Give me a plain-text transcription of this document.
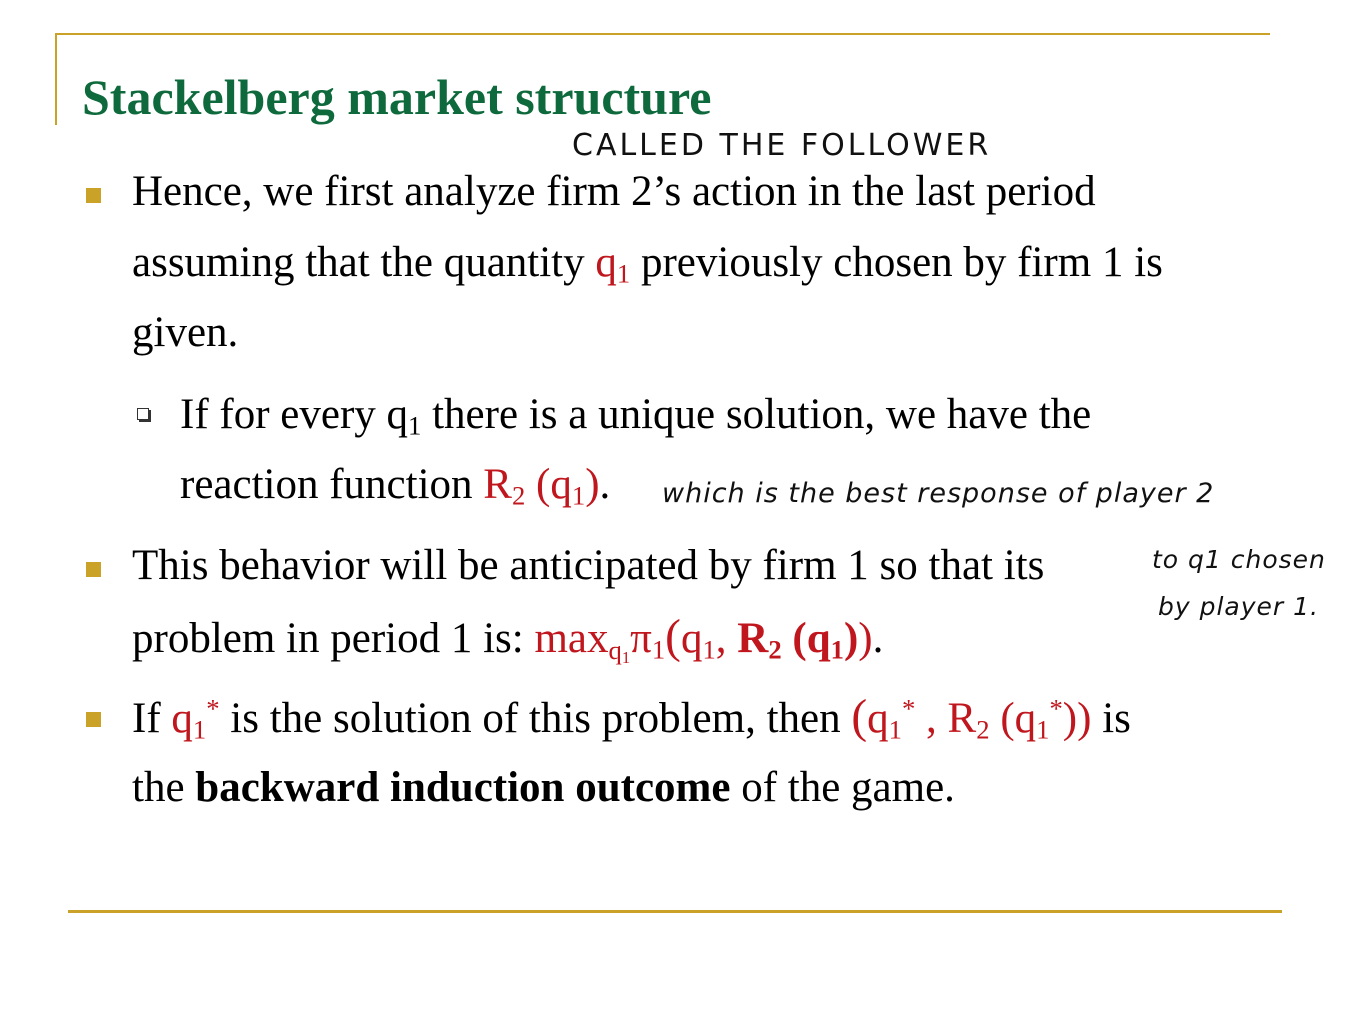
Stackelberg market structure
CALLED THE FOLLOWER
Hence, we first analyze firm 2’s action in the last period
assuming that the quantity $q_1$ previously chosen by firm 1 is
given.
If for every $q_1$ there is a unique solution, we have the
reaction function $R_2$ $(q_1)$. which is the best response of player 2
This behavior will be anticipated by firm 1 so that its
problem in period 1 is: $\max_{q_1}\pi_1(q_1$, $R_2$ $(q_1)$).
to q1 chosen
by player 1.
If $q_1^*$ is the solution of this problem, then ($q_1^*$ , $R_2$ $(q_1^*)$) is
the backward induction outcome of the game.
